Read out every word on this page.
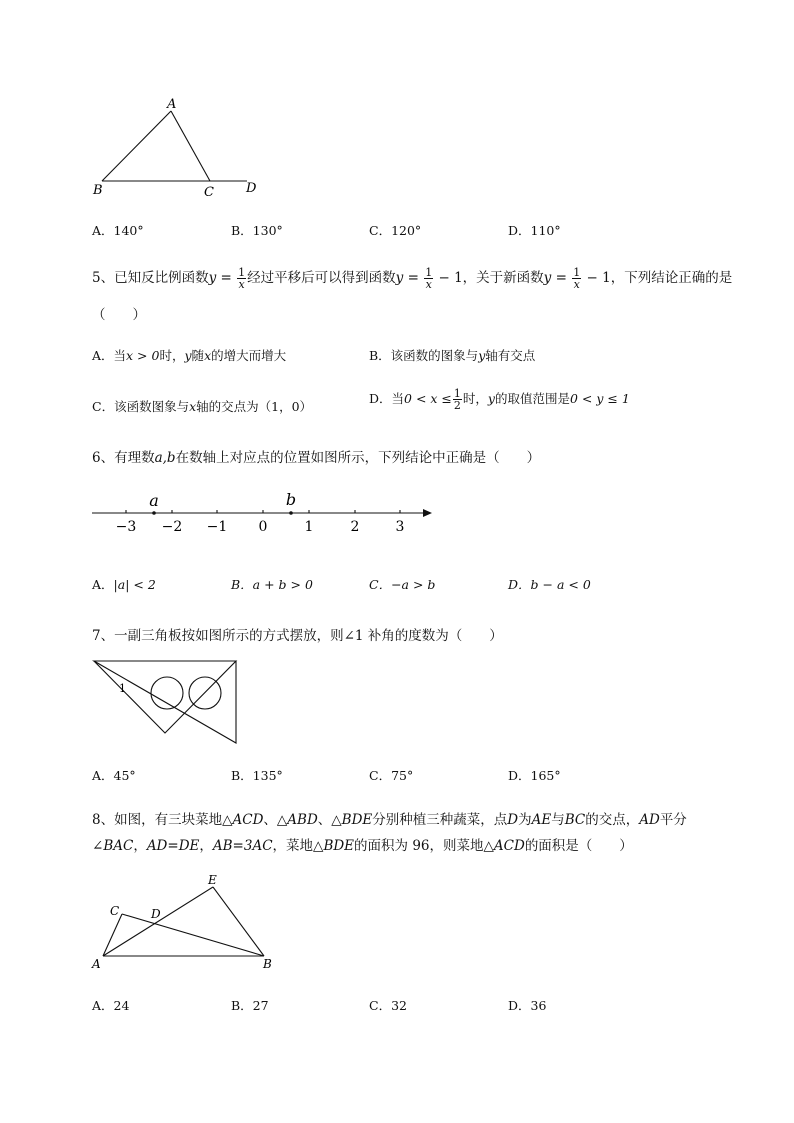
A
B	C D
A．140°	B．130°	C．120°	D．110°
5、已知反比例函数$y = \frac{1}{x}$ 经过平移后可以得到函数$y = \frac{1}{x} - 1$，关于新函数$y = \frac{1}{x} - 1$，下列结论正确的是
（　　）
A．当x > 0时，y随x的增大而增大	B．该函数的图象与y轴有交点
C．该函数图象与x轴的交点为（1，0）
D．当$0 < x \le \frac{1}{2}$ 时，y的取值范围是0 < y ≤ 1
6、有理数a,b在数轴上对应点的位置如图所示，下列结论中正确是（　　）
−3 −2 −1 0	1	2	3
a	b
A．|a| < 2	B．a + b > 0	C．−a > b	D．b − a < 0
7、一副三角板按如图所示的方式摆放，则∠1 补角的度数为（　　）
1
A．45°	B．135°	C．75°	D．165°
8、如图，有三块菜地△ACD、△ABD、△BDE分别种植三种蔬菜，点D为AE与BC的交点，AD平分
∠BAC，AD=DE，AB=3AC，菜地△BDE的面积为 96，则菜地△ACD的面积是（　　）
A	B
C	D
E
A．24	B．27	C．32	D．36
